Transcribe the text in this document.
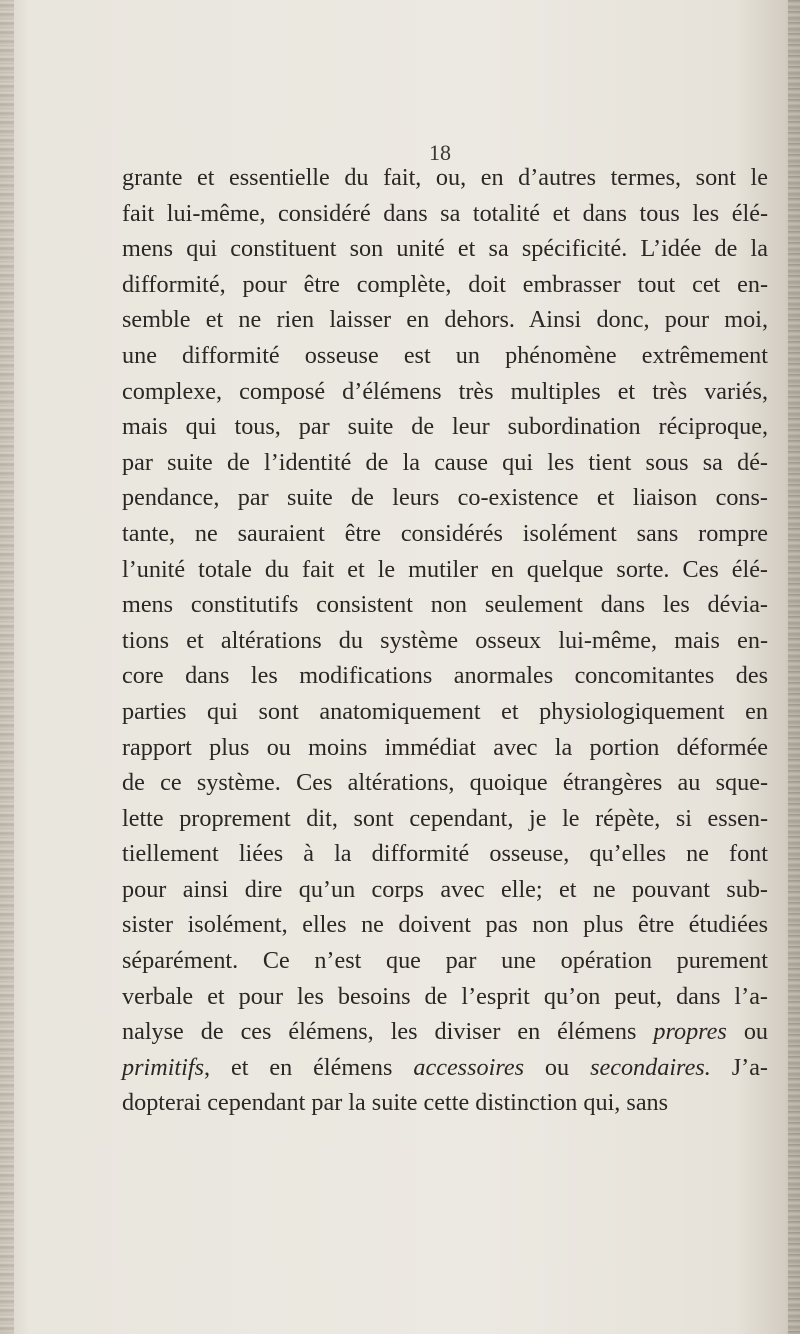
18
grante et essentielle du fait, ou, en d’autres termes, sont le
fait lui-même, considéré dans sa totalité et dans tous les élé-
mens qui constituent son unité et sa spécificité. L’idée de la
difformité, pour être complète, doit embrasser tout cet en-
semble et ne rien laisser en dehors. Ainsi donc, pour moi,
une difformité osseuse est un phénomène extrêmement
complexe, composé d’élémens très multiples et très variés,
mais qui tous, par suite de leur subordination réciproque,
par suite de l’identité de la cause qui les tient sous sa dé-
pendance, par suite de leurs co-existence et liaison cons-
tante, ne sauraient être considérés isolément sans rompre
l’unité totale du fait et le mutiler en quelque sorte. Ces élé-
mens constitutifs consistent non seulement dans les dévia-
tions et altérations du système osseux lui-même, mais en-
core dans les modifications anormales concomitantes des
parties qui sont anatomiquement et physiologiquement en
rapport plus ou moins immédiat avec la portion déformée
de ce système. Ces altérations, quoique étrangères au sque-
lette proprement dit, sont cependant, je le répète, si essen-
tiellement liées à la difformité osseuse, qu’elles ne font
pour ainsi dire qu’un corps avec elle; et ne pouvant sub-
sister isolément, elles ne doivent pas non plus être étudiées
séparément. Ce n’est que par une opération purement
verbale et pour les besoins de l’esprit qu’on peut, dans l’a-
nalyse de ces élémens, les diviser en élémens propres ou
primitifs, et en élémens accessoires ou secondaires. J’a-
dopterai cependant par la suite cette distinction qui, sans
